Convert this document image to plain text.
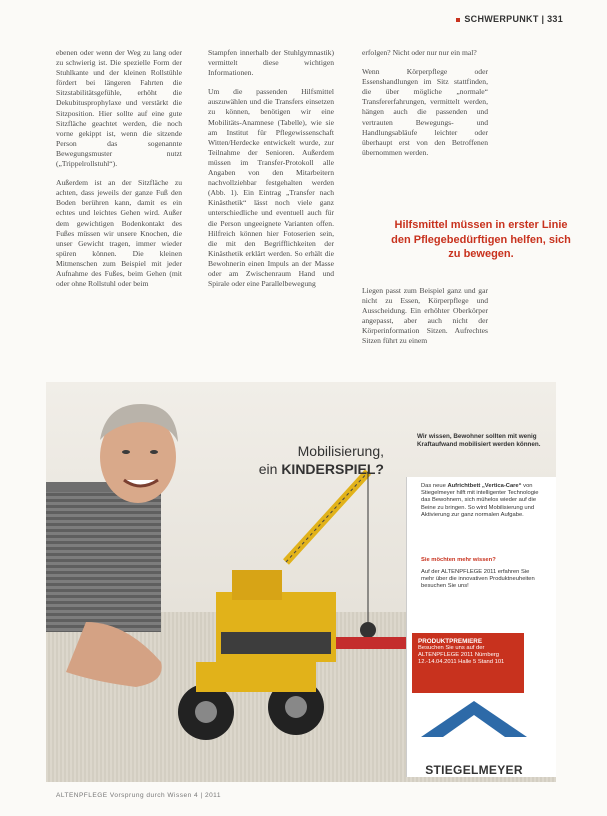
SCHWERPUNKT | 331

ebenen oder wenn der Weg zu lang oder zu schwierig ist. Die spezielle Form der Stuhlkante und der kleinen Rollstühle fördert bei längeren Fahrten die Sitzstabilitätsgefühle, erhöht die Dekubitusprophylaxe und verstärkt die Sitzposition. Hier sollte auf eine gute Sitzfläche geachtet werden, die noch vorne gekippt ist, wenn die sitzende Person das sogenannte Bewegungsmuster nutzt („Trippelrollstuhl“).

Außerdem ist an der Sitzfläche zu achten, dass jeweils der ganze Fuß den Boden berühren kann, damit es ein echtes und leichtes Gehen wird. Außer dem gewichtigen Bodenkontakt des Fußes müssen wir unsere Knochen, die unser Gewicht tragen, immer wieder spüren können. Die kleinen Mitmenschen zum Beispiel mit jeder Aufnahme des Fußes, beim Gehen (mit oder ohne Rollstuhl oder beim

Stampfen innerhalb der Stuhlgymnastik) vermittelt diese wichtigen Informationen.

Um die passenden Hilfsmittel auszuwählen und die Transfers einsetzen zu können, benötigen wir eine Mobilitäts-Anamnese (Tabelle), wie sie am Institut für Pflegewissenschaft Witten/Herdecke entwickelt wurde, zur Teilnahme der Senioren. Außerdem müssen im Transfer-Protokoll alle Angaben von den Mitarbeitern nachvollziehbar festgehalten werden (Abb. 1). Ein Eintrag „Transfer nach Kinästhetik“ lässt noch viele ganz unterschiedliche und eventuell auch für die Person ungeeignete Varianten offen. Hilfreich können hier Fotoserien sein, die mit den Begrifflichkeiten der Kinästhetik erklärt werden. So erhält die Bewohnerin einen Impuls an der Masse oder am Zwischenraum Hand und Spirale oder eine Parallelbewegung

erfolgen? Nicht oder nur nur ein mal?

Wenn Körperpflege oder Essenshandlungen im Sitz stattfinden, die über mögliche „normale“ Transfererfahrungen, vermittelt werden, hängen auch die passenden und vertrauten Bewegungs- und Handlungsabläufe leichter oder überhaupt erst von den Betroffenen übernommen werden.

Hilfsmittel müssen in erster Linie den Pflegebedürftigen helfen, sich zu bewegen.

Liegen passt zum Beispiel ganz und gar nicht zu Essen, Körperpflege und Ausscheidung. Ein erhöhter Oberkörper angepasst, aber auch nicht der Körperinformation Sitzen. Aufrechtes Sitzen führt zu einem

Mobilisierung,
ein KINDERSPIEL?
Wir wissen, Bewohner sollten mit wenig Kraftaufwand mobilisiert werden können.
Das neue Aufrichtbett „Vertica-Care“ von Stiegelmeyer hilft mit intelligenter Technologie das Bewohnern, sich mühelos wieder auf die Beine zu bringen. So wird Mobilisierung und Aktivierung zur ganz normalen Aufgabe.
Sie möchten mehr wissen?
Auf der ALTENPFLEGE 2011 erfahren Sie mehr über die innovativen Produktneuheiten besuchen Sie uns!
PRODUKTPREMIERE
Besuchen Sie uns auf der ALTENPFLEGE 2011 Nürnberg 12.-14.04.2011 Halle 5 Stand 101
STIEGELMEYER
ALTENPFLEGE Vorsprung durch Wissen 4 | 2011
